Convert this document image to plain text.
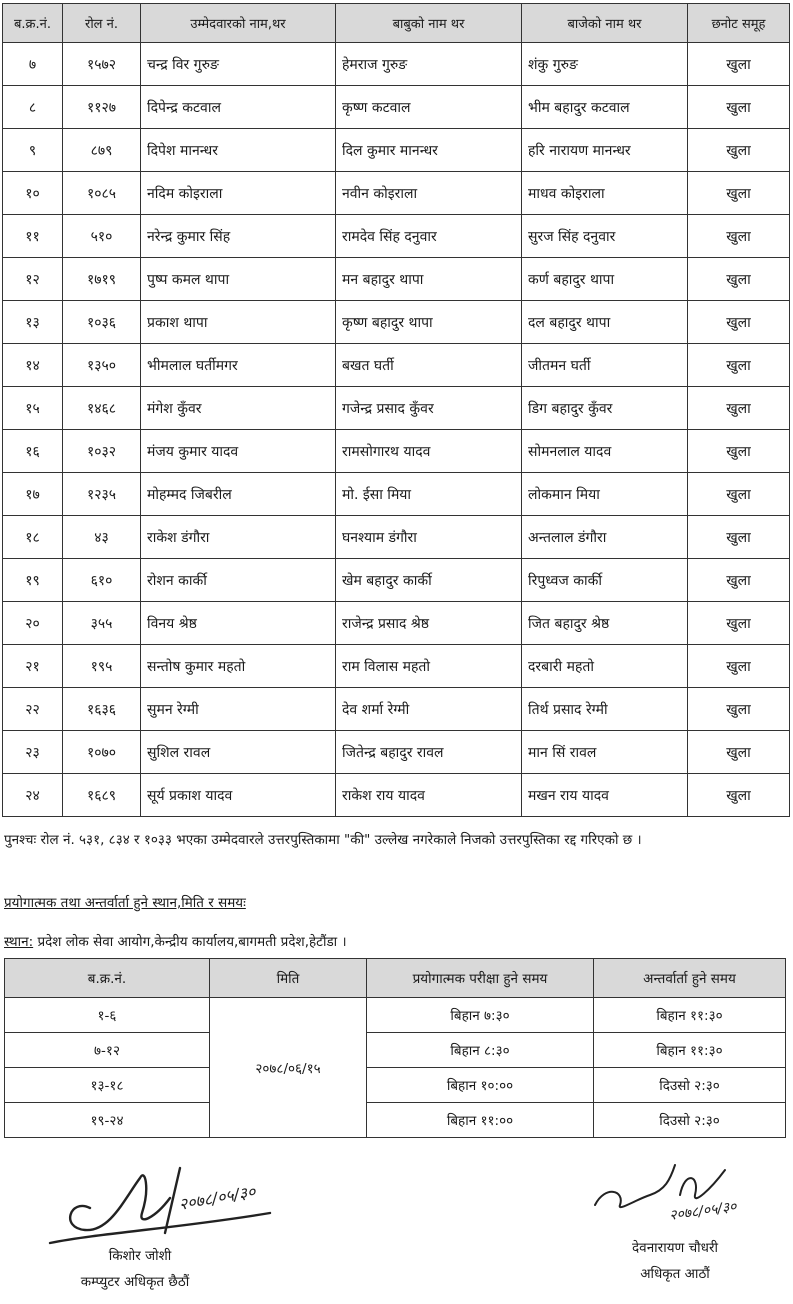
ब.क्र.नं.	रोल नं.	उम्मेदवारको नाम,थर	बाबुको नाम थर	बाजेको नाम थर	छनोट समूह
७	१५७२	चन्द्र विर गुरुङ	हेमराज गुरुङ	शंकु गुरुङ	खुला
८	११२७	दिपेन्द्र कटवाल	कृष्ण कटवाल	भीम बहादुर कटवाल	खुला
९	८७९	दिपेश मानन्धर	दिल कुमार मानन्धर	हरि नारायण मानन्धर	खुला
१०	१०८५	नदिम कोइराला	नवीन कोइराला	माधव कोइराला	खुला
११	५१०	नरेन्द्र कुमार सिंह	रामदेव सिंह दनुवार	सुरज सिंह दनुवार	खुला
१२	१७१९	पुष्प कमल थापा	मन बहादुर थापा	कर्ण बहादुर थापा	खुला
१३	१०३६	प्रकाश थापा	कृष्ण बहादुर थापा	दल बहादुर थापा	खुला
१४	१३५०	भीमलाल घर्तीमगर	बखत घर्ती	जीतमन घर्ती	खुला
१५	१४६८	मंगेश कुँवर	गजेन्द्र प्रसाद कुँवर	डिग बहादुर कुँवर	खुला
१६	१०३२	मंजय कुमार यादव	रामसोगारथ यादव	सोमनलाल यादव	खुला
१७	१२३५	मोहम्मद जिबरील	मो. ईसा मिया	लोकमान मिया	खुला
१८	४३	राकेश डंगौरा	घनश्याम डंगौरा	अन्तलाल डंगौरा	खुला
१९	६१०	रोशन कार्की	खेम बहादुर कार्की	रिपुध्वज कार्की	खुला
२०	३५५	विनय श्रेष्ठ	राजेन्द्र प्रसाद श्रेष्ठ	जित बहादुर श्रेष्ठ	खुला
२१	१९५	सन्तोष कुमार महतो	राम विलास महतो	दरबारी महतो	खुला
२२	१६३६	सुमन रेग्मी	देव शर्मा रेग्मी	तिर्थ प्रसाद रेग्मी	खुला
२३	१०७०	सुशिल रावल	जितेन्द्र बहादुर रावल	मान सिं रावल	खुला
२४	१६८९	सूर्य प्रकाश यादव	राकेश राय यादव	मखन राय यादव	खुला
पुनश्चः रोल नं. ५३१, ८३४ र १०३३ भएका उम्मेदवारले उत्तरपुस्तिकामा "की" उल्लेख नगरेकाले निजको उत्तरपुस्तिका रद्द गरिएको छ ।
प्रयोगात्मक तथा अन्तर्वार्ता हुने स्थान,मिति र समयः
स्थान: प्रदेश लोक सेवा आयोग,केन्द्रीय कार्यालय,बागमती प्रदेश,हेटौंडा ।
ब.क्र.नं.	मिति	प्रयोगात्मक परीक्षा हुने समय	अन्तर्वार्ता हुने समय
१-६	२०७८/०६/१५	बिहान ७:३०	बिहान ११:३०
७-१२		बिहान ८:३०	बिहान ११:३०
१३-१८		बिहान १०:००	दिउसो २:३०
१९-२४		बिहान ११:००	दिउसो २:३०
२०७८/०५/३०
किशोर जोशी
कम्प्युटर अधिकृत छैठौं
२०७८/०५/३०
देवनारायण चौधरी
अधिकृत आठौं
